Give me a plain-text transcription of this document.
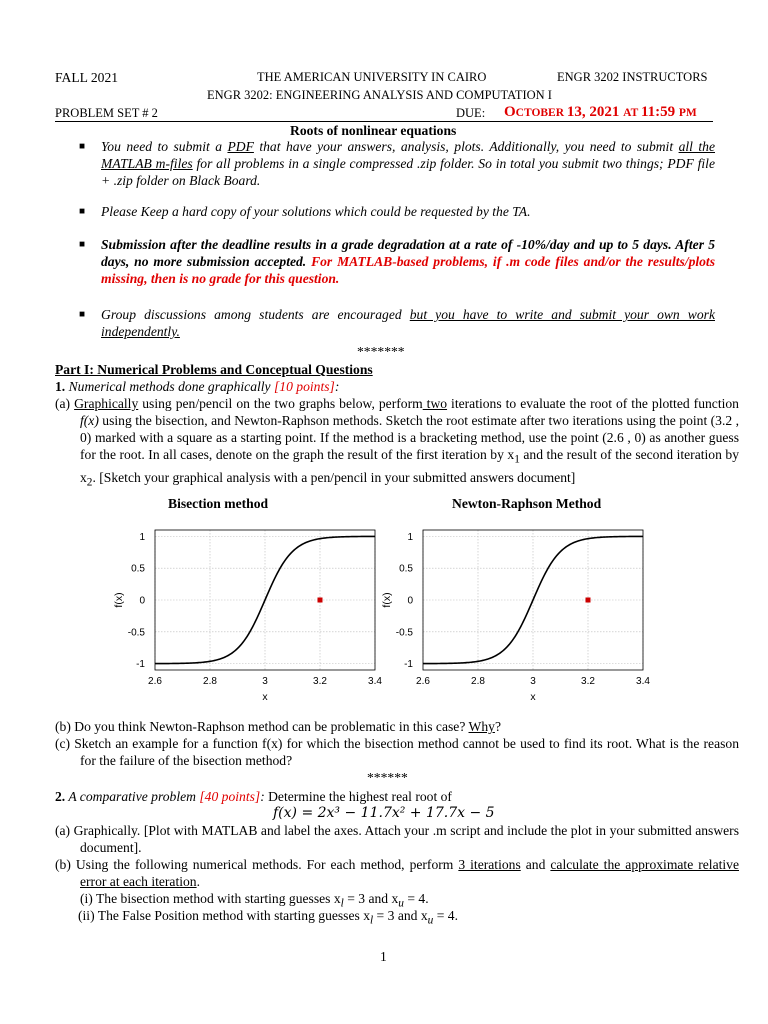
FALL 2021	THE AMERICAN UNIVERSITY IN CAIRO	ENGR 3202 INSTRUCTORS
ENGR 3202: ENGINEERING ANALYSIS AND COMPUTATION I
PROBLEM SET # 2	DUE: OCTOBER 13, 2021 AT 11:59 PM
Roots of nonlinear equations

■ You need to submit a PDF that have your answers, analysis, plots. Additionally, you need to submit all the MATLAB m-files for all problems in a single compressed .zip folder. So in total you submit two things; PDF file + .zip folder on Black Board.

■ Please Keep a hard copy of your solutions which could be requested by the TA.

■ Submission after the deadline results in a grade degradation at a rate of -10%/day and up to 5 days. After 5 days, no more submission accepted. For MATLAB-based problems, if .m code files and/or the results/plots missing, then is no grade for this question.

■ Group discussions among students are encouraged but you have to write and submit your own work independently.

*******
Part I: Numerical Problems and Conceptual Questions
1. Numerical methods done graphically [10 points]:
(a) Graphically using pen/pencil on the two graphs below, perform two iterations to evaluate the root of the plotted function f(x) using the bisection, and Newton-Raphson methods. Sketch the root estimate after two iterations using the point (3.2 , 0) marked with a square as a starting point. If the method is a bracketing method, use the point (2.6 , 0) as another guess for the root. In all cases, denote on the graph the result of the first iteration by $x_1$ and the result of the second iteration by $x_2$. [Sketch your graphical analysis with a pen/pencil in your submitted answers document]
Bisection method	Newton-Raphson Method
2.6	2.8	3	3.2	3.4
-1
-0.5
0
0.5
1
x
f(x)
2.6	2.8	3	3.2	3.4
-1
-0.5
0
0.5
1
x
f(x)
(b) Do you think Newton-Raphson method can be problematic in this case? Why?
(c) Sketch an example for a function f(x) for which the bisection method cannot be used to find its root. What is the reason for the failure of the bisection method?
******
2. A comparative problem [40 points]: Determine the highest real root of
f(x) = 2x³ − 11.7x² + 17.7x − 5
(a) Graphically. [Plot with MATLAB and label the axes. Attach your .m script and include the plot in your submitted answers document].
(b) Using the following numerical methods. For each method, perform 3 iterations and calculate the approximate relative error at each iteration.
(i) The bisection method with starting guesses $x_l = 3$ and $x_u = 4$.
(ii) The False Position method with starting guesses $x_l = 3$ and $x_u = 4$.
1
